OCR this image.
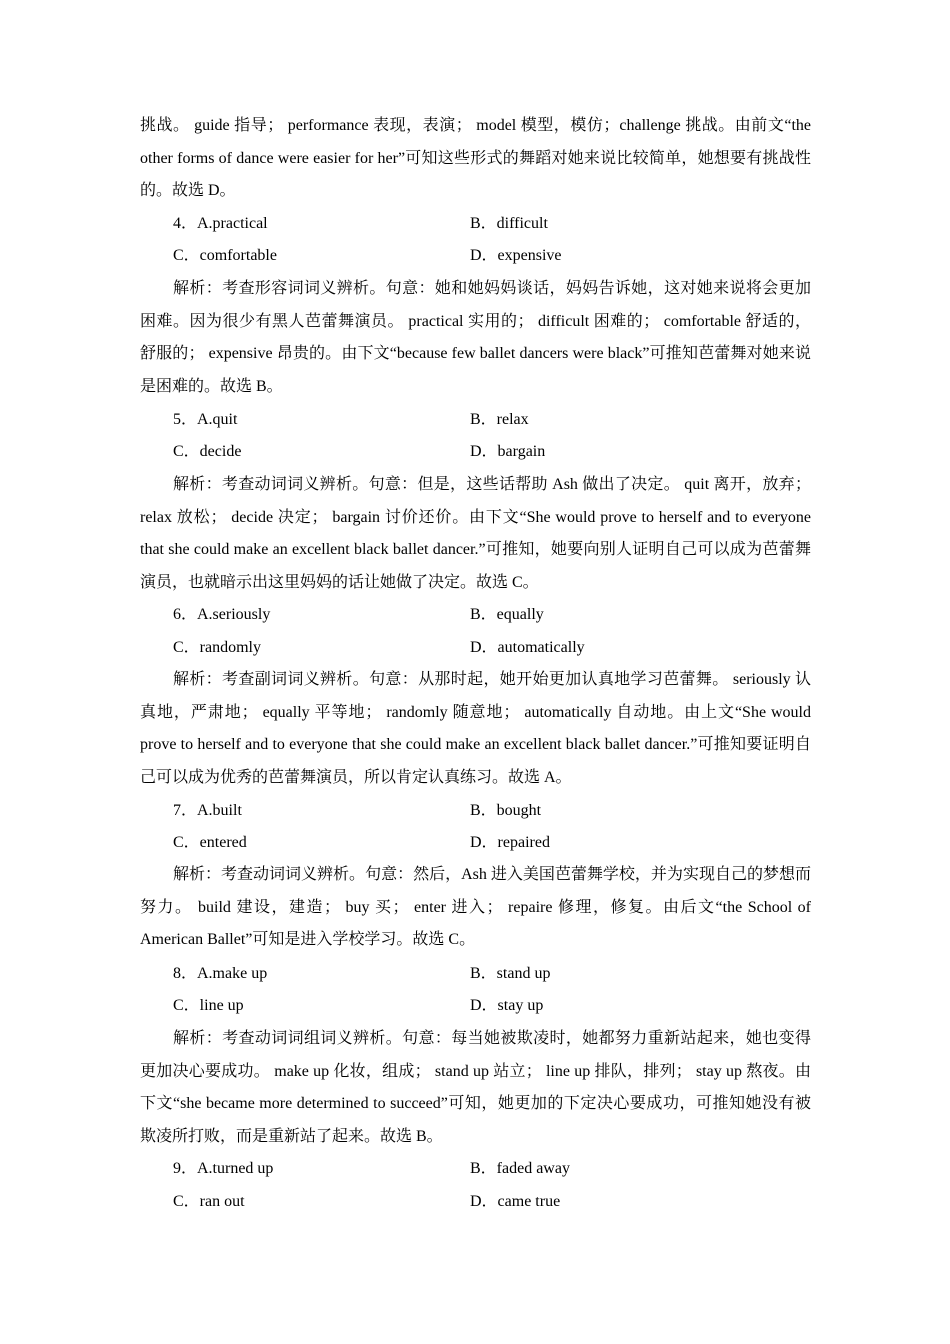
挑战。 guide 指导； performance 表现，表演； model 模型，模仿；challenge 挑战。由前文“the other forms of dance were easier for her”可知这些形式的舞蹈对她来说比较简单，她想要有挑战性的。故选 D。

4．A.practical	B．difficult
C．comfortable	D．expensive

解析：考查形容词词义辨析。句意：她和她妈妈谈话，妈妈告诉她，这对她来说将会更加困难。因为很少有黑人芭蕾舞演员。 practical 实用的； difficult 困难的； comfortable 舒适的，舒服的； expensive 昂贵的。由下文“because few ballet dancers were black”可推知芭蕾舞对她来说是困难的。故选 B。

5．A.quit	B．relax
C．decide	D．bargain

解析：考查动词词义辨析。句意：但是，这些话帮助 Ash 做出了决定。 quit 离开，放弃；relax 放松； decide 决定； bargain 讨价还价。由下文“She would prove to herself and to everyone that she could make an excellent black ballet dancer.”可推知，她要向别人证明自己可以成为芭蕾舞演员，也就暗示出这里妈妈的话让她做了决定。故选 C。

6．A.seriously	B．equally
C．randomly	D．automatically

解析：考查副词词义辨析。句意：从那时起，她开始更加认真地学习芭蕾舞。 seriously 认真地，严肃地； equally 平等地； randomly 随意地； automatically 自动地。由上文“She would prove to herself and to everyone that she could make an excellent black ballet dancer.”可推知要证明自己可以成为优秀的芭蕾舞演员，所以肯定认真练习。故选 A。

7．A.built	B．bought
C．entered	D．repaired

解析：考查动词词义辨析。句意：然后，Ash 进入美国芭蕾舞学校，并为实现自己的梦想而努力。 build 建设，建造； buy 买； enter 进入； repaire 修理，修复。由后文“the School of American Ballet”可知是进入学校学习。故选 C。

8．A.make up	B．stand up
C．line up	D．stay up

解析：考查动词词组词义辨析。句意：每当她被欺凌时，她都努力重新站起来，她也变得更加决心要成功。 make up 化妆，组成； stand up 站立； line up 排队，排列； stay up 熬夜。由下文“she became more determined to succeed”可知，她更加的下定决心要成功，可推知她没有被欺凌所打败，而是重新站了起来。故选 B。

9．A.turned up	B．faded away
C．ran out	D．came true
